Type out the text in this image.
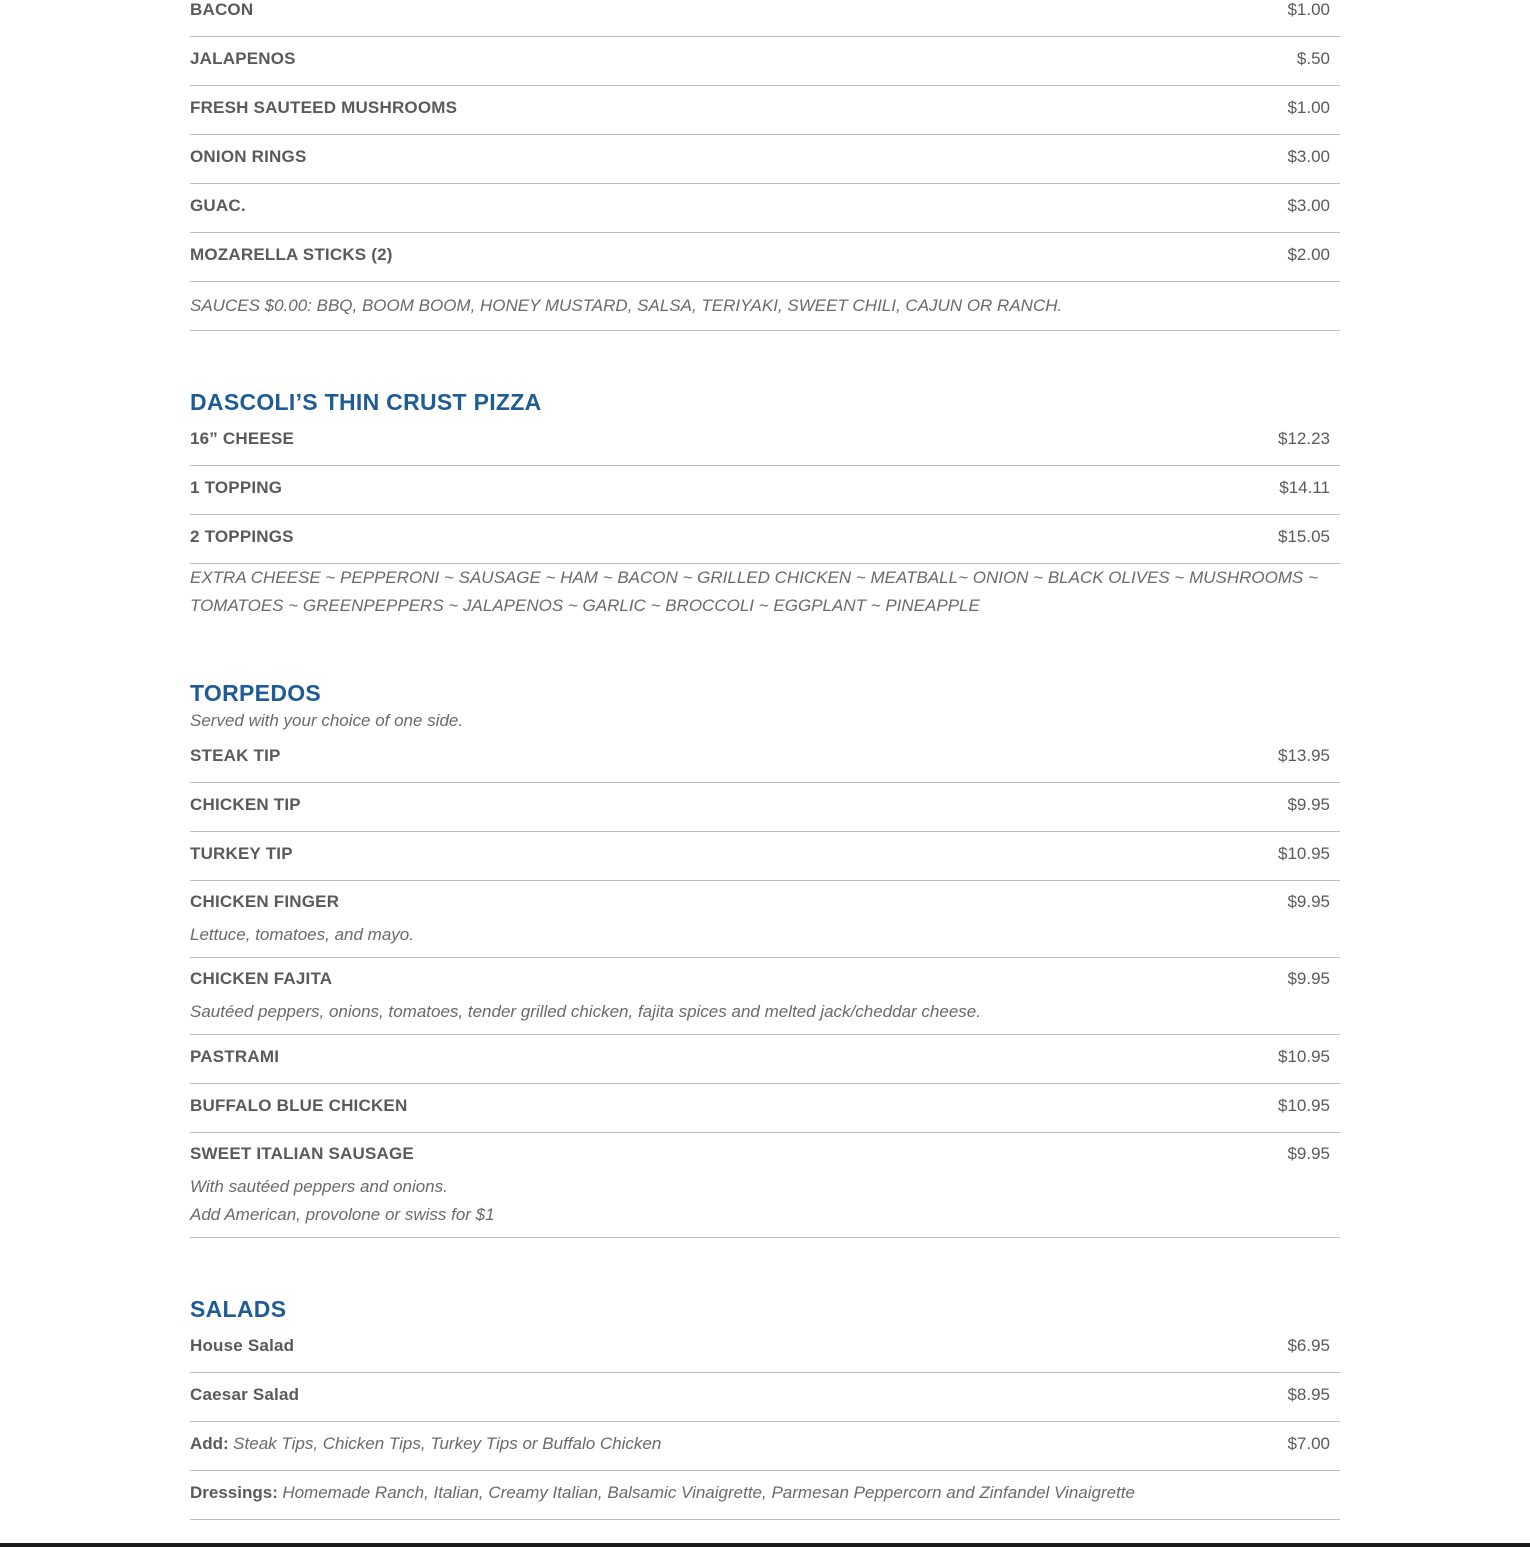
BACON	$1.00
JALAPENOS	$.50
FRESH SAUTEED MUSHROOMS	$1.00
ONION RINGS	$3.00
GUAC.	$3.00
MOZARELLA STICKS (2)	$2.00
SAUCES $0.00: BBQ, BOOM BOOM, HONEY MUSTARD, SALSA, TERIYAKI, SWEET CHILI, CAJUN OR RANCH.
DASCOLI’S THIN CRUST PIZZA
16” CHEESE	$12.23
1 TOPPING	$14.11
2 TOPPINGS	$15.05
EXTRA CHEESE ~ PEPPERONI ~ SAUSAGE ~ HAM ~ BACON ~ GRILLED CHICKEN ~ MEATBALL~ ONION ~ BLACK OLIVES ~ MUSHROOMS ~
TOMATOES ~ GREENPEPPERS ~ JALAPENOS ~ GARLIC ~ BROCCOLI ~ EGGPLANT ~ PINEAPPLE
TORPEDOS
Served with your choice of one side.
STEAK TIP	$13.95
CHICKEN TIP	$9.95
TURKEY TIP	$10.95
CHICKEN FINGER	$9.95
Lettuce, tomatoes, and mayo.
CHICKEN FAJITA	$9.95
Sautéed peppers, onions, tomatoes, tender grilled chicken, fajita spices and melted jack/cheddar cheese.
PASTRAMI	$10.95
BUFFALO BLUE CHICKEN	$10.95
SWEET ITALIAN SAUSAGE	$9.95
With sautéed peppers and onions.
Add American, provolone or swiss for $1
SALADS
House Salad	$6.95
Caesar Salad	$8.95
Add: Steak Tips, Chicken Tips, Turkey Tips or Buffalo Chicken	$7.00
Dressings: Homemade Ranch, Italian, Creamy Italian, Balsamic Vinaigrette, Parmesan Peppercorn and Zinfandel Vinaigrette
